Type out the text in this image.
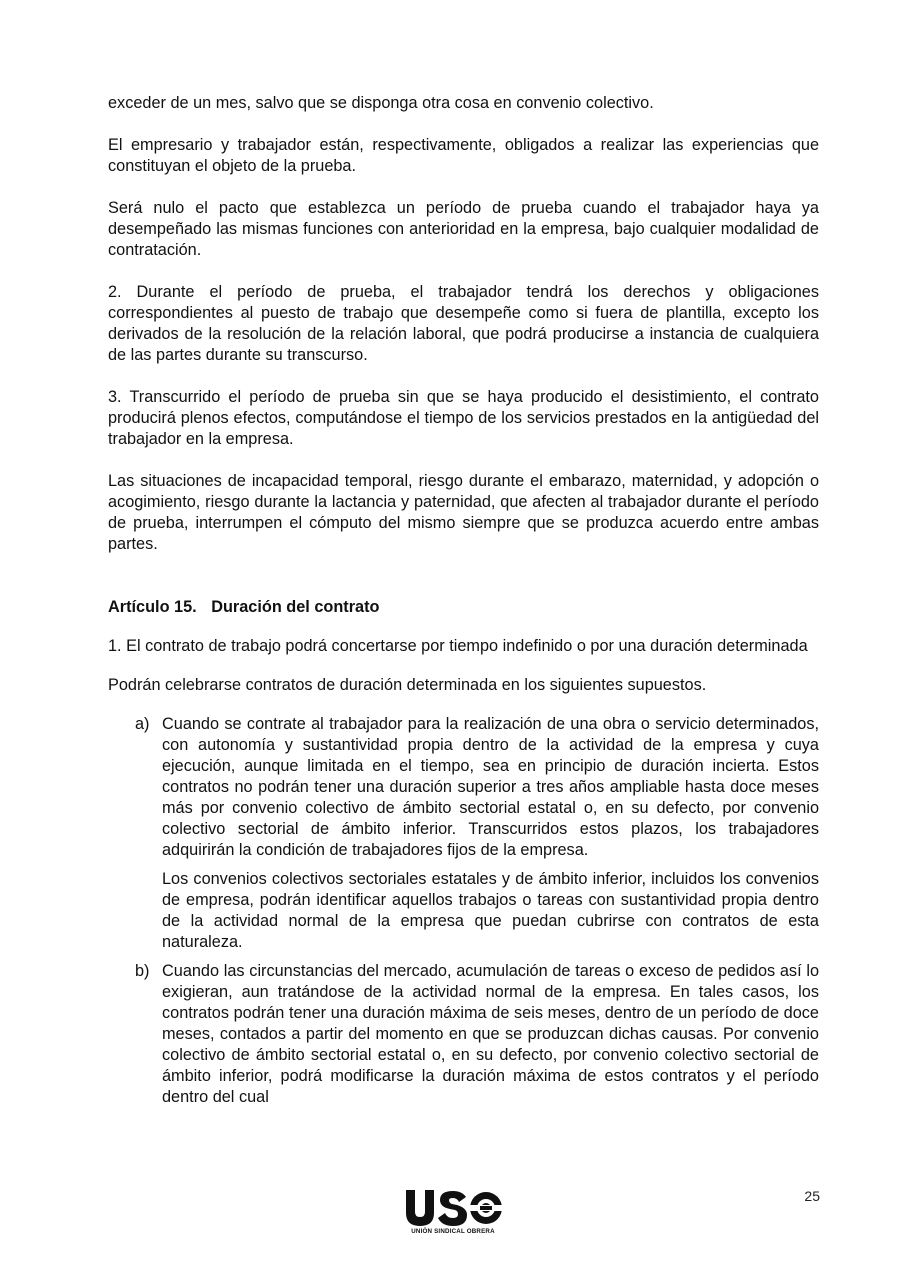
exceder de un mes, salvo que se disponga otra cosa en convenio colectivo.

El empresario y trabajador están, respectivamente, obligados a realizar las experiencias que constituyan el objeto de la prueba.

Será nulo el pacto que establezca un período de prueba cuando el trabajador haya ya desempeñado las mismas funciones con anterioridad en la empresa, bajo cualquier modalidad de contratación.

2. Durante el período de prueba, el trabajador tendrá los derechos y obligaciones correspondientes al puesto de trabajo que desempeñe como si fuera de plantilla, excepto los derivados de la resolución de la relación laboral, que podrá producirse a instancia de cualquiera de las partes durante su transcurso.

3. Transcurrido el período de prueba sin que se haya producido el desistimiento, el contrato producirá plenos efectos, computándose el tiempo de los servicios prestados en la antigüedad del trabajador en la empresa.

Las situaciones de incapacidad temporal, riesgo durante el embarazo, maternidad, y adopción o acogimiento, riesgo durante la lactancia y paternidad, que afecten al trabajador durante el período de prueba, interrumpen el cómputo del mismo siempre que se produzca acuerdo entre ambas partes.

Artículo 15. Duración del contrato

1. El contrato de trabajo podrá concertarse por tiempo indefinido o por una duración determinada

Podrán celebrarse contratos de duración determinada en los siguientes supuestos.

a) Cuando se contrate al trabajador para la realización de una obra o servicio determinados, con autonomía y sustantividad propia dentro de la actividad de la empresa y cuya ejecución, aunque limitada en el tiempo, sea en principio de duración incierta. Estos contratos no podrán tener una duración superior a tres años ampliable hasta doce meses más por convenio colectivo de ámbito sectorial estatal o, en su defecto, por convenio colectivo sectorial de ámbito inferior. Transcurridos estos plazos, los trabajadores adquirirán la condición de trabajadores fijos de la empresa.

Los convenios colectivos sectoriales estatales y de ámbito inferior, incluidos los convenios de empresa, podrán identificar aquellos trabajos o tareas con sustantividad propia dentro de la actividad normal de la empresa que puedan cubrirse con contratos de esta naturaleza.

b) Cuando las circunstancias del mercado, acumulación de tareas o exceso de pedidos así lo exigieran, aun tratándose de la actividad normal de la empresa. En tales casos, los contratos podrán tener una duración máxima de seis meses, dentro de un período de doce meses, contados a partir del momento en que se produzcan dichas causas. Por convenio colectivo de ámbito sectorial estatal o, en su defecto, por convenio colectivo sectorial de ámbito inferior, podrá modificarse la duración máxima de estos contratos y el período dentro del cual

25
UNIÓN SINDICAL OBRERA
